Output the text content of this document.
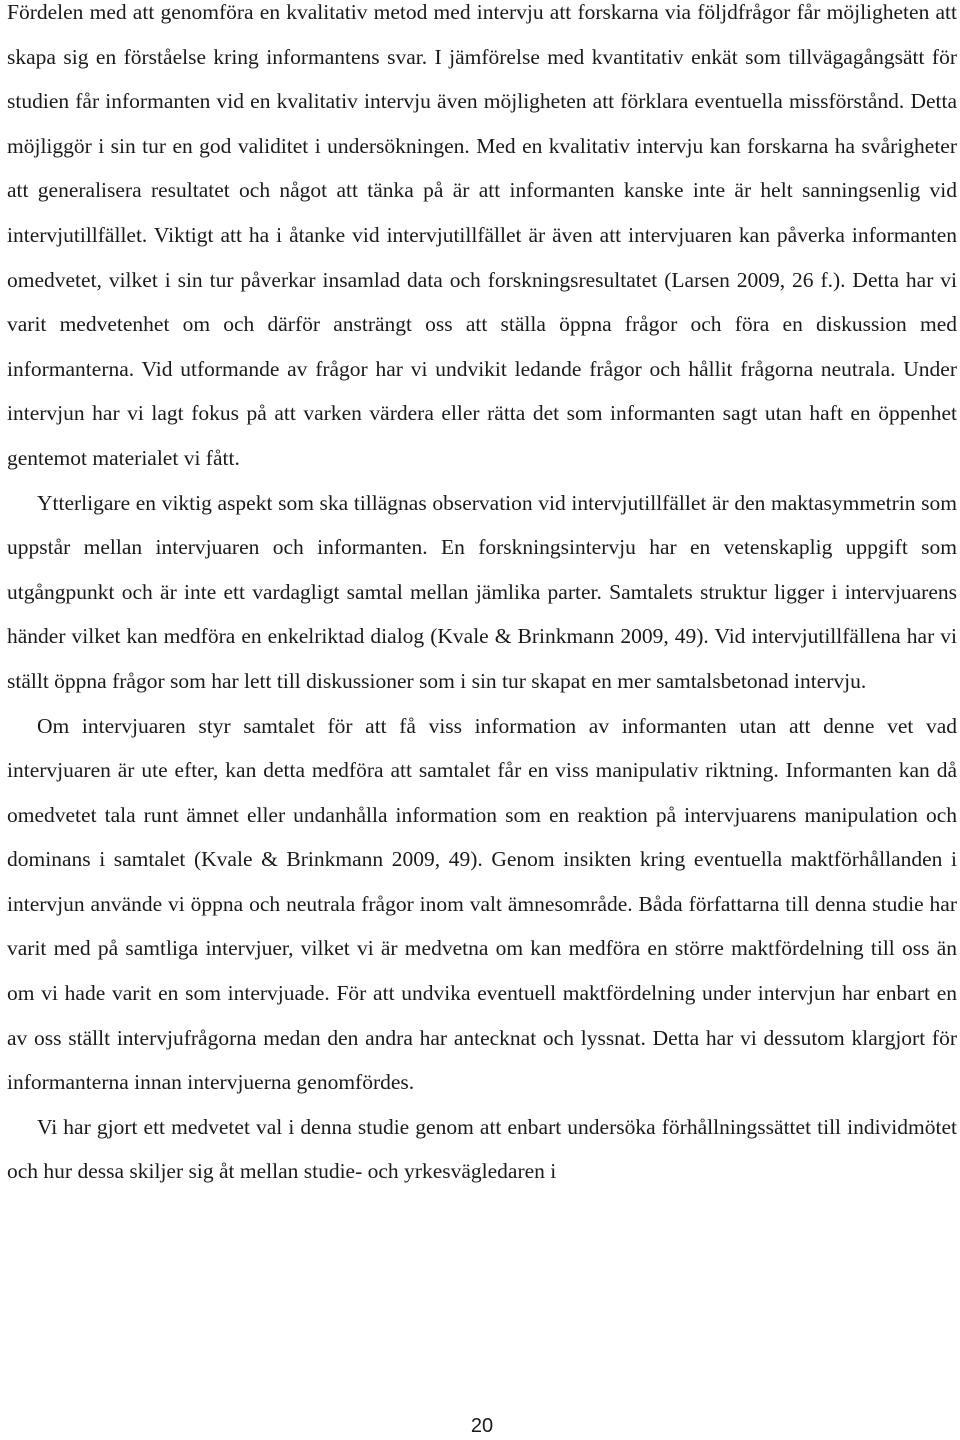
Fördelen med att genomföra en kvalitativ metod med intervju att forskarna via följdfrågor får möjligheten att skapa sig en förståelse kring informantens svar. I jämförelse med kvantitativ enkät som tillvägagångsätt för studien får informanten vid en kvalitativ intervju även möjligheten att förklara eventuella missförstånd. Detta möjliggör i sin tur en god validitet i undersökningen. Med en kvalitativ intervju kan forskarna ha svårigheter att generalisera resultatet och något att tänka på är att informanten kanske inte är helt sanningsenlig vid intervjutillfället. Viktigt att ha i åtanke vid intervjutillfället är även att intervjuaren kan påverka informanten omedvetet, vilket i sin tur påverkar insamlad data och forskningsresultatet (Larsen 2009, 26 f.). Detta har vi varit medvetenhet om och därför ansträngt oss att ställa öppna frågor och föra en diskussion med informanterna. Vid utformande av frågor har vi undvikit ledande frågor och hållit frågorna neutrala. Under intervjun har vi lagt fokus på att varken värdera eller rätta det som informanten sagt utan haft en öppenhet gentemot materialet vi fått.

Ytterligare en viktig aspekt som ska tillägnas observation vid intervjutillfället är den maktasymmetrin som uppstår mellan intervjuaren och informanten. En forskningsintervju har en vetenskaplig uppgift som utgångpunkt och är inte ett vardagligt samtal mellan jämlika parter. Samtalets struktur ligger i intervjuarens händer vilket kan medföra en enkelriktad dialog (Kvale & Brinkmann 2009, 49). Vid intervjutillfällena har vi ställt öppna frågor som har lett till diskussioner som i sin tur skapat en mer samtalsbetonad intervju.

Om intervjuaren styr samtalet för att få viss information av informanten utan att denne vet vad intervjuaren är ute efter, kan detta medföra att samtalet får en viss manipulativ riktning. Informanten kan då omedvetet tala runt ämnet eller undanhålla information som en reaktion på intervjuarens manipulation och dominans i samtalet (Kvale & Brinkmann 2009, 49). Genom insikten kring eventuella maktförhållanden i intervjun använde vi öppna och neutrala frågor inom valt ämnesområde. Båda författarna till denna studie har varit med på samtliga intervjuer, vilket vi är medvetna om kan medföra en större maktfördelning till oss än om vi hade varit en som intervjuade. För att undvika eventuell maktfördelning under intervjun har enbart en av oss ställt intervjufrågorna medan den andra har antecknat och lyssnat. Detta har vi dessutom klargjort för informanterna innan intervjuerna genomfördes.

Vi har gjort ett medvetet val i denna studie genom att enbart undersöka förhållningssättet till individmötet och hur dessa skiljer sig åt mellan studie- och yrkesvägledaren i

20
